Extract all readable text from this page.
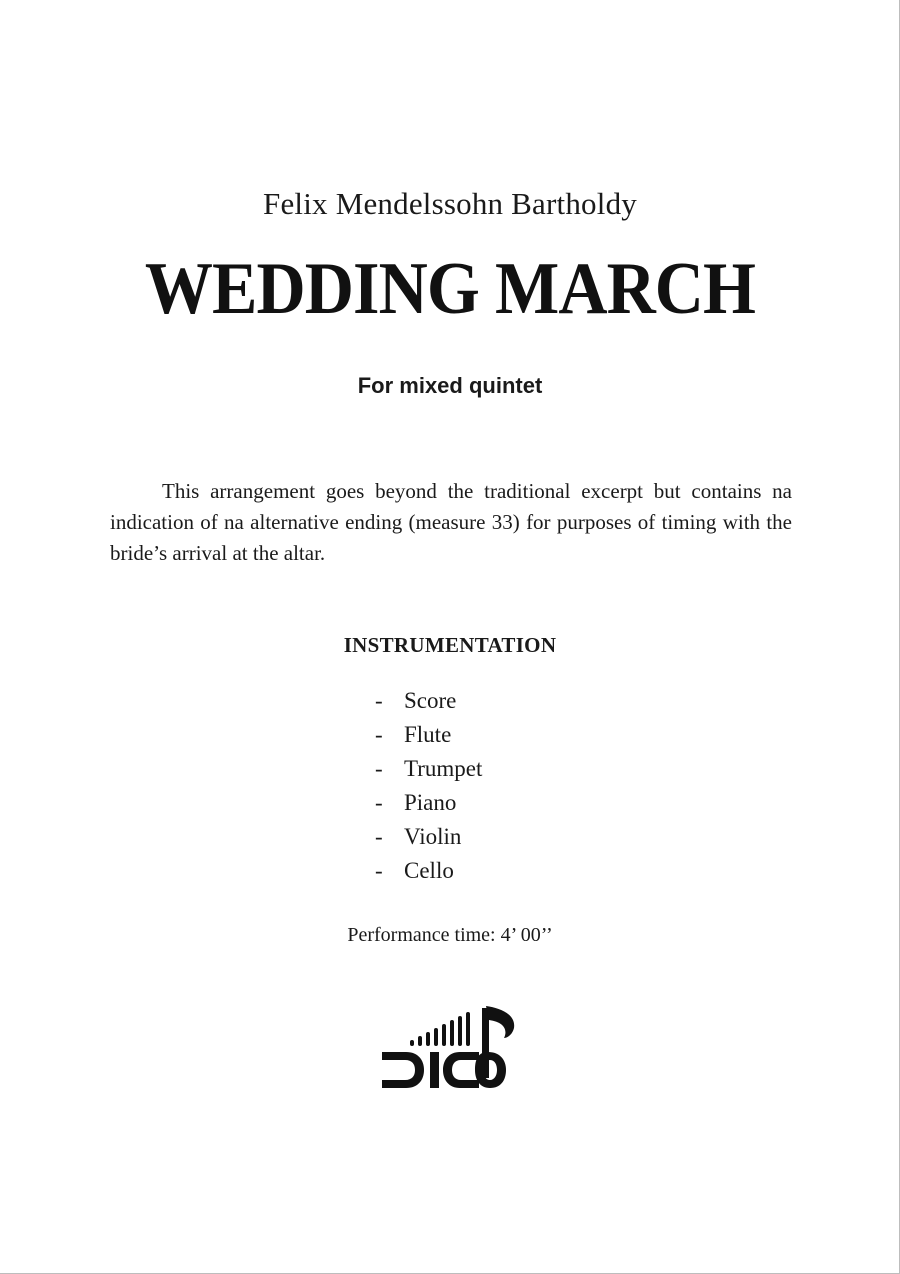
Felix Mendelssohn Bartholdy
WEDDING MARCH
For mixed quintet

This arrangement goes beyond the traditional excerpt but contains na indication of na alternative ending (measure 33) for purposes of timing with the bride’s arrival at the altar.

INSTRUMENTATION
- Score
- Flute
- Trumpet
- Piano
- Violin
- Cello
Performance time: 4’ 00’’
